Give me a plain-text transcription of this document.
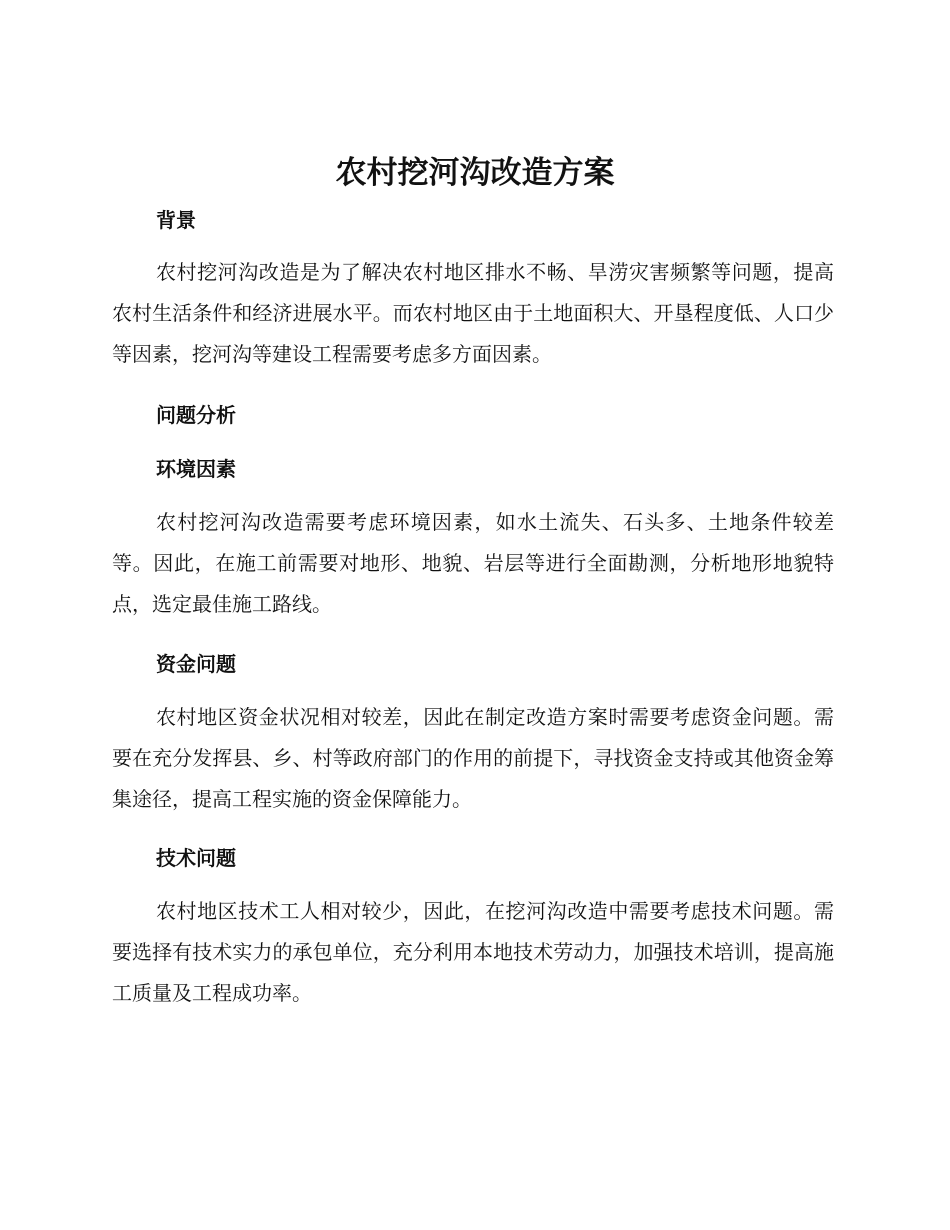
农村挖河沟改造方案
背景

农村挖河沟改造是为了解决农村地区排水不畅、旱涝灾害频繁等问题，提高农村生活条件和经济进展水平。而农村地区由于土地面积大、开垦程度低、人口少等因素，挖河沟等建设工程需要考虑多方面因素。

问题分析
环境因素

农村挖河沟改造需要考虑环境因素，如水土流失、石头多、土地条件较差等。因此，在施工前需要对地形、地貌、岩层等进行全面勘测，分析地形地貌特点，选定最佳施工路线。

资金问题

农村地区资金状况相对较差，因此在制定改造方案时需要考虑资金问题。需要在充分发挥县、乡、村等政府部门的作用的前提下，寻找资金支持或其他资金筹集途径，提高工程实施的资金保障能力。

技术问题

农村地区技术工人相对较少，因此，在挖河沟改造中需要考虑技术问题。需要选择有技术实力的承包单位，充分利用本地技术劳动力，加强技术培训，提高施工质量及工程成功率。
